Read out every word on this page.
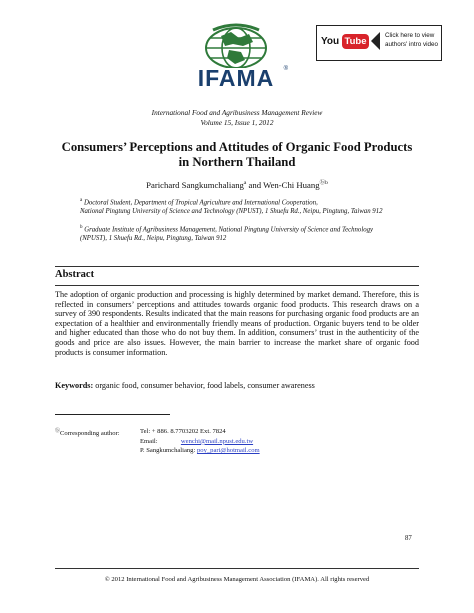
IFAMA	®
You Tube
Click here to view
authors' intro video
International Food and Agribusiness Management Review
Volume 15, Issue 1, 2012
Consumers’ Perceptions and Attitudes of Organic Food Products
in Northern Thailand
Parichard Sangkumchaliang$^a$ and Wen-Chi Huang$^{ⓑb}$
$^a$ Doctoral Student, Department of Tropical Agriculture and International Cooperation,
National Pingtung University of Science and Technology (NPUST), 1 Shuefu Rd., Neipu, Pingtung, Taiwan 912
$^b$ Graduate Institute of Agribusiness Management, National Pingtung University of Science and Technology
(NPUST), 1 Shuefu Rd., Neipu, Pingtung, Taiwan 912
Abstract
The adoption of organic production and processing is highly determined by market demand. Therefore, this is reflected in consumers’ perceptions and attitudes towards organic food products. This research draws on a survey of 390 respondents. Results indicated that the main reasons for purchasing organic food products are an expectation of a healthier and environmentally friendly means of production. Organic buyers tend to be older and higher educated than those who do not buy them. In addition, consumers’ trust in the authenticity of the goods and price are also issues. However, the main barrier to increase the market share of organic food products is consumer information.
Keywords: organic food, consumer behavior, food labels, consumer awareness
ⓑCorresponding author:	Tel: + 886. 8.7703202 Ext. 7824
Email:	wenchi@mail.npust.edu.tw
P. Sangkumchaliang: poy_pari@hotmail.com
87
© 2012 International Food and Agribusiness Management Association (IFAMA). All rights reserved
